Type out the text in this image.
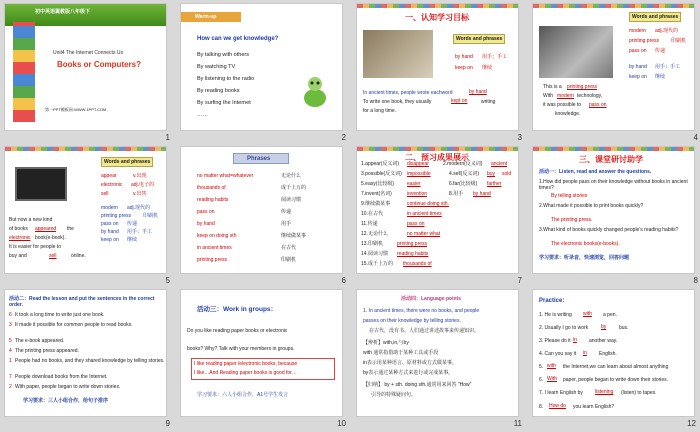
初中英语冀教版八年级下
Unit4 The Internet Connects Us
Books or Computers?
第一PPT模板网-WWW.1PPT.COM
1
Warm-up
How can we get knowledge?
By talking with others
By watching TV
By listening to the radio
By reading books
By surfing the Internet
……
2
一、认知学习目标
Words and phrases
by hand 用手；手工
keep on 继续
In ancient times, people wrote eachword	by hand
To write one book, they usually	kept on	writing
for a long time.
3
Words and phrases
modern adj.现代的
printing press 印刷机
pass on 传递
by hand 用手；手工
keep on 继续
This is a printing press
With modern technology,
it was possible to pass on
knowledge.
4
Words and phrases
appear	v.出现
electronic adj.电子的
sell	v.出售
modern adj.现代的
printing press 印刷机
pass on 传递
by hand 用手；手工
keep on 继续
But now a new kind
of books appeared the
electronic book(e-book).
It is easier for people to
buy and	sell	online.
5
Phrases
no matter what=whatever	无论什么
thousands of	成千上万的
reading habits	阅读习惯
pass on	传递
by hand	用手
keep on doing sth	继续做某事
in ancient times	在古代
printing press	印刷机
6
二、预习成果展示
1.appear(反义词) disappear	2.modern(反义词) ancient
3.possible(反义词) impossible	4.sell(反义词) buy sold
5.easy(比较级)	easier	6.far(比较级) farther
7.invent(名词)	invention	8.用手 by hand
9.继续做某事	continue doing sth.
10.在古代	in ancient times
11.传递	pass on
12.无论什么	no matter what
13.印刷机	printing press
14.阅读习惯 reading habits
15.成千上万的 thousands of
7
三、课堂研讨助学
活动一：Listen, read and answer the questions.
1.How did people pass on their knowledge without books in ancient times?
By telling stories
2.What made it possible to print books quickly?
The printing press.
3.What kind of books quickly changed people's reading habits?
The electronic books(e-books).
学习要求：听录音，快速浏览，回答问题
8
活动二：Read the lesson and put the sentences in the correct order.
6 It took a long time to write just one book.
3 It made it possible for common people to read books.
5 The e-book appeared.
4 The printing press appeared.
1 People had no books, and they shared knowledge by telling stories.
7 People download books from the Internet.
2 With paper, people began to write down stories.
学习要求：三人小组合作，给句子排序
9
活动三：Work in groups：
Do you like reading paper books or electronic
books? Why? Talk with your members in groups.
I like reading paper /electronic books, because
I like…And Reading paper books is good for…
学习要求：六人小组合作，A1号学生发言
10
活动四：Language points
1. In ancient times, there were no books, and people
passes on their knowledge by telling stories.
在古代，没有书。人们通过讲述故事来传递知识。
【辨析】with,in,与by
with 通常指借助于某种工具或手段
in表示用某种语言、原材料或方式做某事。
by表示通过某种方式来进行或完成某事。
【归纳】 by + sth. doing sth.通常用来回答 "How"
引导的特殊疑问句。
11
Practice:
1. He is writing with a pen.
2. Usually I go to work	by	bus.
3. Please do it in another way.
4. Can you say it in English.
5. with the Internet,we can learn about almost anything
6. With paper, people began to write down their stories.
7. I learn English by listening (listen) to tapes.
8. How do you learn English?
12
